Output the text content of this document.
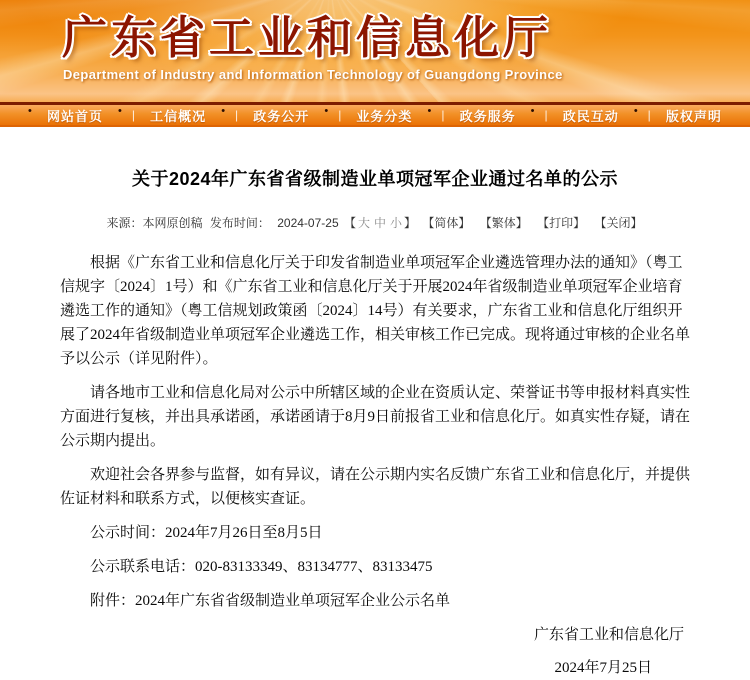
广东省工业和信息化厅
Department of Industry and Information Technology of Guangdong Province
• 网站首页 • | 工信概况 • | 政务公开 • | 业务分类 • | 政务服务 • | 政民互动 • | 版权声明
关于2024年广东省省级制造业单项冠军企业通过名单的公示
来源：本网原创稿 发布时间： 2024-07-25 【 大 中 小 】 【简体】 【繁体】 【打印】 【关闭】

根据《广东省工业和信息化厅关于印发省制造业单项冠军企业遴选管理办法的通知》（粤工信规字〔2024〕1号）和《广东省工业和信息化厅关于开展2024年省级制造业单项冠军企业培育遴选工作的通知》（粤工信规划政策函〔2024〕14号）有关要求，广东省工业和信息化厅组织开展了2024年省级制造业单项冠军企业遴选工作，相关审核工作已完成。现将通过审核的企业名单予以公示（详见附件）。

请各地市工业和信息化局对公示中所辖区域的企业在资质认定、荣誉证书等申报材料真实性方面进行复核，并出具承诺函，承诺函请于8月9日前报省工业和信息化厅。如真实性存疑，请在公示期内提出。

欢迎社会各界参与监督，如有异议，请在公示期内实名反馈广东省工业和信息化厅，并提供佐证材料和联系方式，以便核实查证。

公示时间：2024年7月26日至8月5日

公示联系电话：020-83133349、83134777、83133475

附件：2024年广东省省级制造业单项冠军企业公示名单

广东省工业和信息化厅
2024年7月25日
